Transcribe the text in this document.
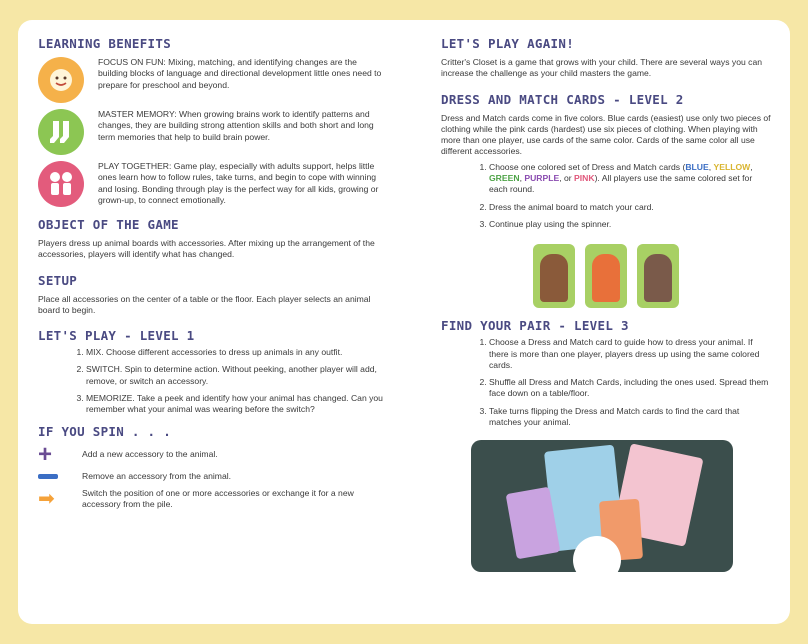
LEARNING BENEFITS

FOCUS ON FUN: Mixing, matching, and identifying changes are the building blocks of language and directional development little ones need to prepare for preschool and beyond.

MASTER MEMORY: When growing brains work to identify patterns and changes, they are building strong attention skills and both short and long term memories that help to build brain power.

PLAY TOGETHER: Game play, especially with adults support, helps little ones learn how to follow rules, take turns, and begin to cope with winning and losing. Bonding through play is the perfect way for all kids, growing or grown-up, to connect emotionally.

OBJECT OF THE GAME

Players dress up animal boards with accessories. After mixing up the arrangement of the accessories, players will identify what has changed.

SETUP

Place all accessories on the center of a table or the floor. Each player selects an animal board to begin.

LET'S PLAY - LEVEL 1
1. MIX. Choose different accessories to dress up animals in any outfit.
2. SWITCH. Spin to determine action. Without peeking, another player will add, remove, or switch an accessory.
3. MEMORIZE. Take a peek and identify how your animal has changed. Can you remember what your animal was wearing before the switch?
IF YOU SPIN . . .
+	Add a new accessory to the animal.

Remove an accessory from the animal.

➡	Switch the position of one or more accessories or exchange it for a new accessory from the pile.

LET'S PLAY AGAIN!

Critter's Closet is a game that grows with your child. There are several ways you can increase the challenge as your child masters the game.

DRESS AND MATCH CARDS - LEVEL 2

Dress and Match cards come in five colors. Blue cards (easiest) use only two pieces of clothing while the pink cards (hardest) use six pieces of clothing. When playing with more than one player, use cards of the same color. Cards of the same color all use different accessories.

1. Choose one colored set of Dress and Match cards (BLUE, YELLOW, GREEN, PURPLE, or PINK). All players use the same colored set for each round.
2. Dress the animal board to match your card.
3. Continue play using the spinner.
FIND YOUR PAIR - LEVEL 3
1. Choose a Dress and Match card to guide how to dress your animal. If there is more than one player, players dress up using the same colored cards.
2. Shuffle all Dress and Match Cards, including the ones used. Spread them face down on a table/floor.
3. Take turns flipping the Dress and Match cards to find the card that matches your animal.
